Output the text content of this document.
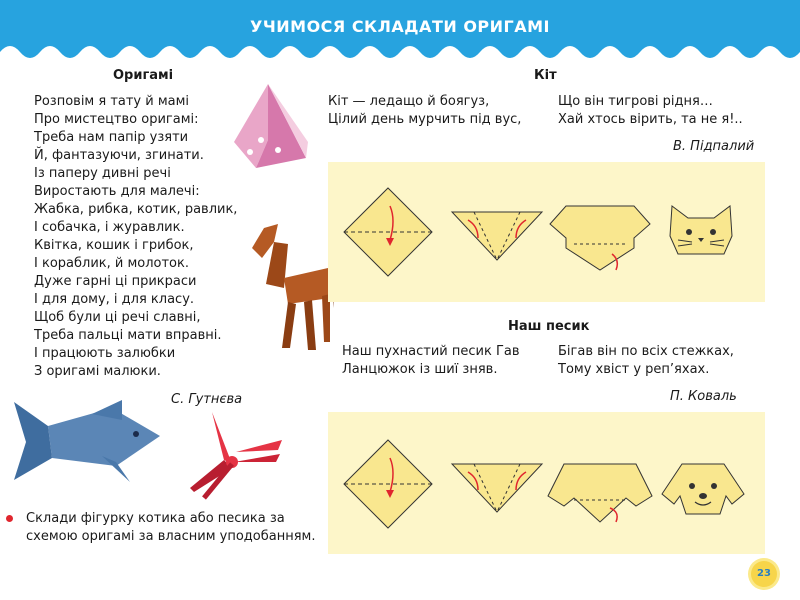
УЧИМОСЯ СКЛАДАТИ ОРИГАМІ
Оригамі
Розповім я тату й мамі
Про мистецтво оригамі:
Треба нам папір узяти
Й, фантазуючи, згинати.
Із паперу дивні речі
Виростають для малечі:
Жабка, рибка, котик, равлик,
І собачка, і журавлик.
Квітка, кошик і грибок,
І кораблик, й молоток.
Дуже гарні ці прикраси
І для дому, і для класу.
Щоб були ці речі славні,
Треба пальці мати вправні.
І працюють залюбки
З оригамі малюки.
С. Гутнєва
Кіт
Кіт — ледащо й боягуз,
Цілий день мурчить під вус,
Що він тигрові рідня…
Хай хтось вірить, та не я!..
В. Підпалий
Наш песик
Наш пухнастий песик Гав
Ланцюжок із шиї зняв.
Бігав він по всіх стежках,
Тому хвіст у реп’яхах.
П. Коваль
Склади фігурку котика або песика за схемою оригамі за власним уподобанням.
23
